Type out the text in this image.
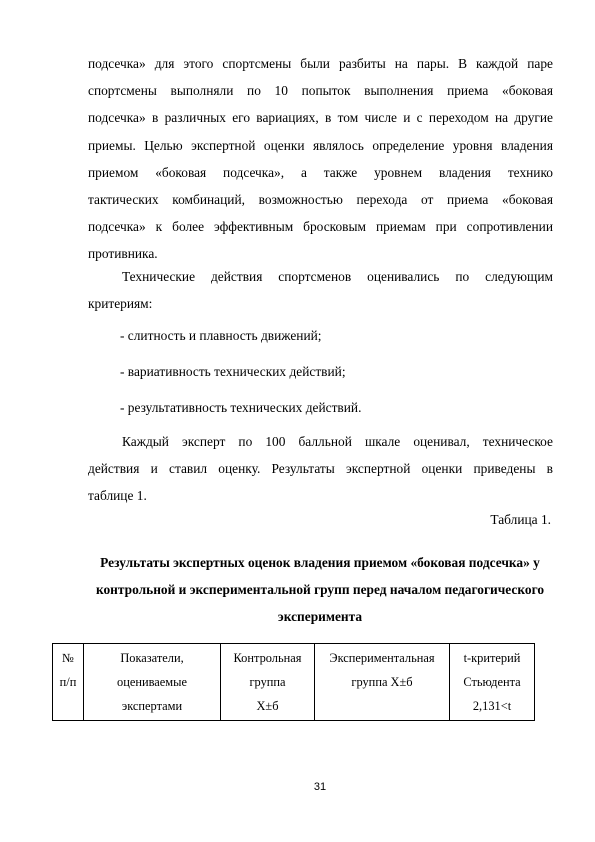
подсечка» для этого спортсмены были разбиты на пары. В каждой паре
спортсмены выполняли по 10 попыток выполнения приема «боковая
подсечка» в различных его вариациях, в том числе и с переходом на другие
приемы. Целью экспертной оценки являлось определение уровня владения
приемом «боковая подсечка», а также уровнем владения технико
тактических комбинаций, возможностью перехода от приема «боковая
подсечка» к более эффективным бросковым приемам при сопротивлении
противника.
Технические действия спортсменов оценивались по следующим
критериям:
- слитность и плавность движений;
- вариативность технических действий;
- результативность технических действий.
Каждый эксперт по 100 балльной шкале оценивал, техническое
действия и ставил оценку. Результаты экспертной оценки приведены в
таблице 1.
Таблица 1.
Результаты экспертных оценок владения приемом «боковая подсечка» у
контрольной и экспериментальной групп перед началом педагогического
эксперимента
№
п/п

Показатели,
оцениваемые
экспертами

Контрольная
группа
X±б

Экспериментальная
группа X±б

t-критерий
Стьюдента
2,131<t
31
